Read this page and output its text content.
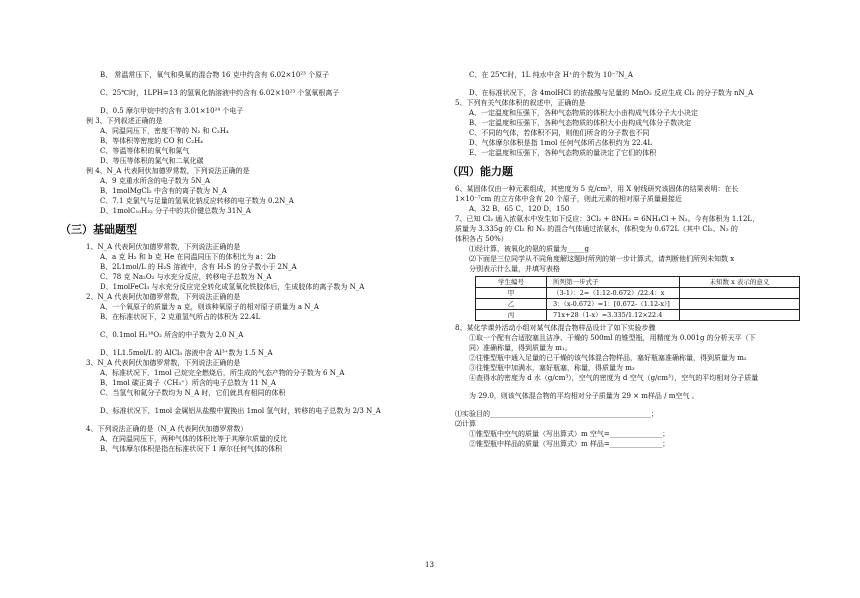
B、 常温常压下，氧气和臭氧的混合物 16 克中约含有 6.02×10²³ 个原子
C、25℃时，1LPH=13 的氢氧化钠溶液中约含有 6.02×10²³ 个氢氧根离子
D、0.5 摩尔甲烷中约含有 3.01×10²⁴ 个电子
例 3、下列叙述正确的是
A、同温同压下，密度不等的 N₂ 和 C₂H₄
B、等体积等密度的 CO 和 C₂H₄
C、等温等体积的氧气和氮气
D、等压等体积的氮气和二氧化碳
例 4、N_A 代表阿伏加德罗常数，下列说法正确的是
A、9 克重水所含的电子数为 5N_A
B、1molMgCl₂ 中含有的离子数为 N_A
C、7.1 克氯气与足量的氢氧化钠反应转移的电子数为 0.2N_A
D、1molC₁₀H₂₂ 分子中的共价键总数为 31N_A
（三）基础题型
1、N_A 代表阿伏加德罗常数，下列说法正确的是
A、a 克 H₂ 和 b 克 He 在同温同压下的体积比为 a：2b
B、2L1mol/L 的 H₂S 溶液中，含有 H₂S 的分子数小于 2N_A
C、78 克 Na₂O₂ 与水充分反应，转移电子总数为 N_A
D、1molFeCl₃ 与水充分反应完全转化成氢氧化铁胶体后，生成胶体的离子数为 N_A
2、N_A 代表阿伏加德罗常数，下列说法正确的是
A、一个氧原子的质量为 a 克，则该种氧原子的相对原子质量为 a N_A
B、在标准状况下，2 克重氢气所占的体积为 22.4L
C、0.1mol H₂¹⁸O₂ 所含的中子数为 2.0 N_A
D、1L1.5mol/L 的 AlCl₃ 溶液中含 Al³⁺数为 1.5 N_A
3、N_A 代表阿伏加德罗常数，下列说法正确的是
A、标准状况下，1mol 己烷完全燃烧后，所生成的气态产物的分子数为 6 N_A
B、1mol 碳正离子（CH₃⁺）所含的电子总数为 11 N_A
C、当氢气和氦分子数均为 N_A 时，它们就具有相同的体积
D、标准状况下，1mol 金属铝从盐酸中置换出 1mol 氢气时，转移的电子总数为 2/3 N_A
4、下列说法正确的是（N_A 代表阿伏加德罗常数）
A、在同温同压下，两种气体的体积比等于其摩尔质量的反比
B、气体摩尔体积是指在标准状况下 1 摩尔任何气体的体积
C、在 25℃时，1L 纯水中含 H⁺的个数为 10⁻⁷N_A
D、在标准状况下，含 4molHCl 的浓盐酸与足量的 MnO₂ 反应生成 Cl₂ 的分子数为 nN_A
5、下列有关气体体积的叙述中，正确的是
A、一定温度和压强下，各种气态物质的体积大小由构成气体分子大小决定
B、一定温度和压强下，各种气态物质的体积大小由构成气体分子数决定
C、不同的气体，若体积不同，则他们所含的分子数也不同
D、气体摩尔体积是指 1mol 任何气体所占体积约为 22.4L
E、一定温度和压强下，各种气态物质的量决定了它们的体积
（四）能力题
6、某固体仅由一种元素组成，其密度为 5 克/cm³，用 X 射线研究该固体的结果表明：在长
1×10⁻⁷cm 的立方体中含有 20 个原子，则此元素的相对原子质量最接近
A、32 B、65 C、120 D、150
7、已知 Cl₂ 通入浓氨水中发生如下反应：3Cl₂ + 8NH₃ = 6NH₄Cl + N₂。今有体积为 1.12L，
质量为 3.335g 的 Cl₂ 和 N₂ 的混合气体通过浓氨水，体积变为 0.672L（其中 Cl₂、N₂ 的
体积各占 50%）
⑴经计算，被氧化的氨的质量为_____g
⑵下面是三位同学从不同角度解这题时所列的第一步计算式，请判断他们所列未知数 x
分别表示什么量，并填写表格
学生编号	所列第一步式子	未知数 x 表示的意义
甲	（3-1）：2=（1.12-0.672）/22.4：x	
乙	3：（x-0.672）=1：[0.672-（1.12-x）]	
丙	71x+28（1-x）=3.335/1.12×22.4	
8、某化学课外活动小组对某气体混合物样品设计了如下实验步骤
①取一个配有合适胶塞且洁净、干燥的 500ml 的锥型瓶，用精度为 0.001g 的分析天平（下
同）准确称量，得到质量为 m₁。
②往锥型瓶中通入足量的已干燥的该气体混合物样品，塞好瓶塞准确称量，得到质量为 m₂
③往锥型瓶中加满水，塞好瓶塞，称量，得质量为 m₃
④查得水的密度为 d 水（g/cm³），空气的密度为 d 空气（g/cm³），空气的平均相对分子质量
为 29.0，则该气体混合物的平均相对分子质量为 29 × m样品 / m空气 。
⑴实验目的______________________________________________；
⑵计算
①锥型瓶中空气的质量（写出算式）m 空气=_______________；
②锥型瓶中样品的质量（写出算式）m 样品=_______________；
13
